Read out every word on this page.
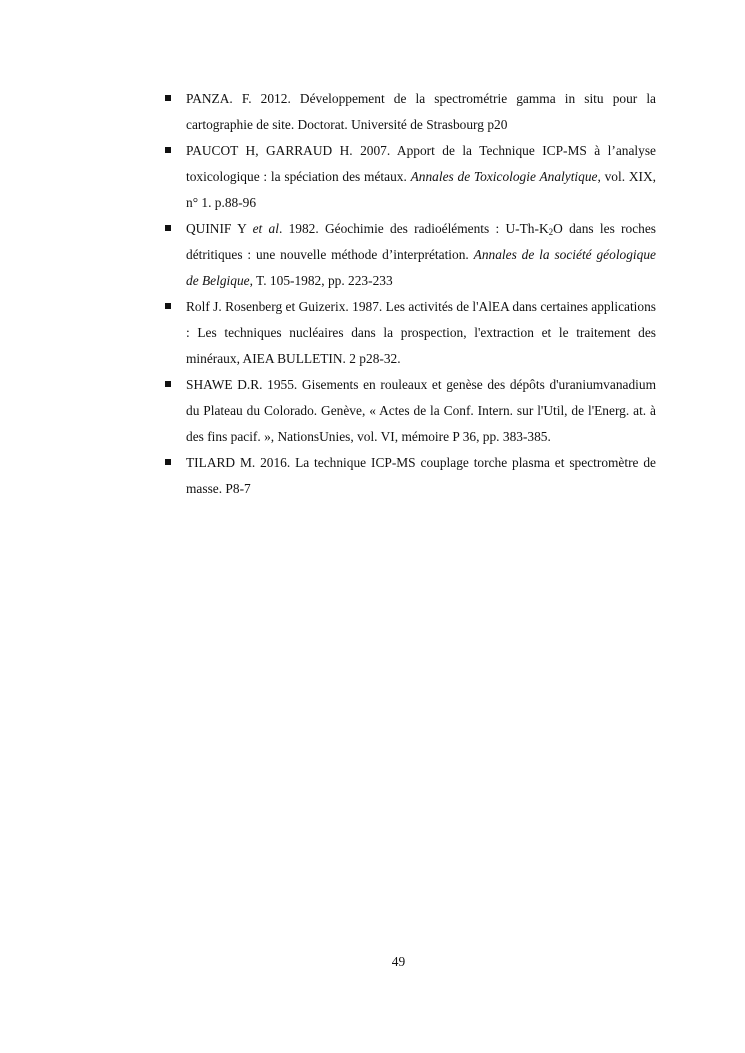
PANZA. F. 2012. Développement de la spectrométrie gamma in situ pour la cartographie de site. Doctorat. Université de Strasbourg p20
PAUCOT H, GARRAUD H. 2007. Apport de la Technique ICP-MS à l’analyse toxicologique : la spéciation des métaux. Annales de Toxicologie Analytique, vol. XIX, n° 1. p.88-96
QUINIF Y et al. 1982. Géochimie des radioéléments : $U-Th-K_2O$ dans les roches détritiques : une nouvelle méthode d’interprétation. Annales de la société géologique de Belgique, T. 105-1982, pp. 223-233
Rolf J. Rosenberg et Guizerix. 1987. Les activités de l'AlEA dans certaines applications : Les techniques nucléaires dans la prospection, l'extraction et le traitement des minéraux, AIEA BULLETIN. 2 p28-32.
SHAWE D.R. 1955. Gisements en rouleaux et genèse des dépôts d'uraniumvanadium du Plateau du Colorado. Genève, « Actes de la Conf. Intern. sur l'Util, de l'Energ. at. à des fins pacif. », NationsUnies, vol. VI, mémoire P 36, pp. 383-385.
TILARD M. 2016. La technique ICP-MS couplage torche plasma et spectromètre de masse. P8-7
49
